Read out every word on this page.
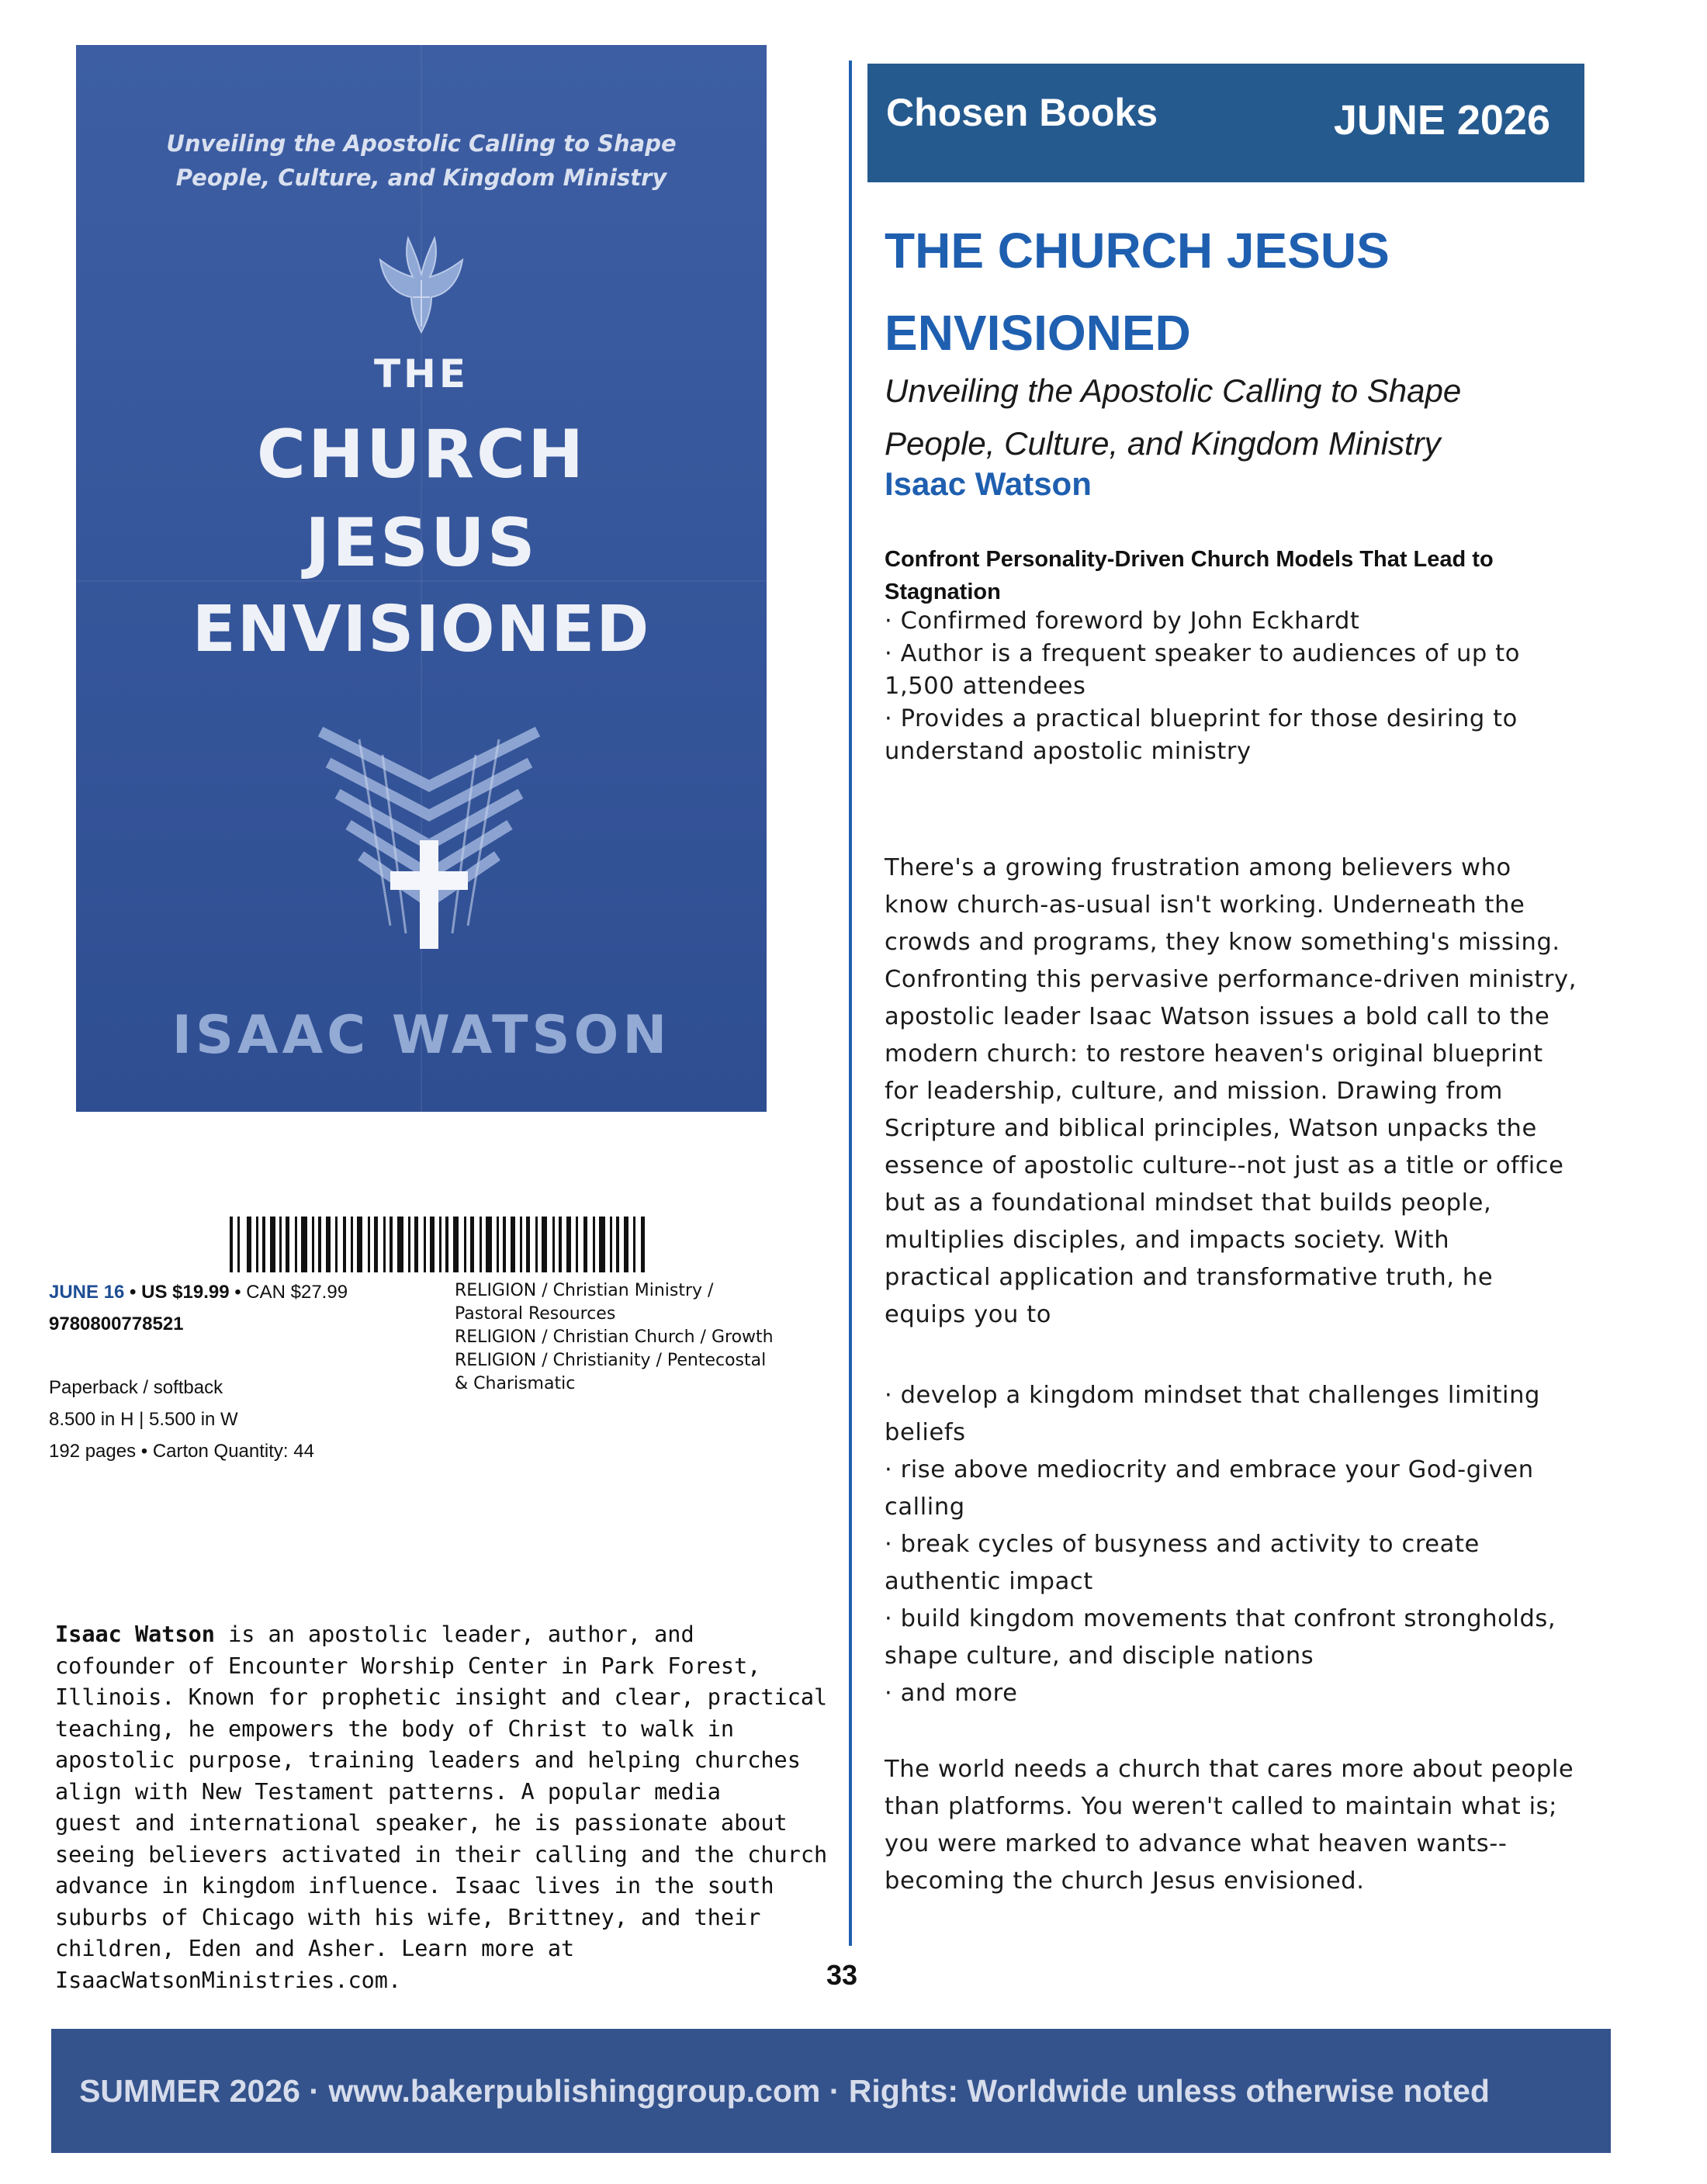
Unveiling the Apostolic Calling to Shape
People, Culture, and Kingdom Ministry
THE
CHURCH
JESUS
ENVISIONED
ISAAC WATSON
JUNE 16 • US $19.99 • CAN $27.99
9780800778521
Paperback / softback
8.500 in H | 5.500 in W
192 pages • Carton Quantity: 44
RELIGION / Christian Ministry /
Pastoral Resources
RELIGION / Christian Church / Growth
RELIGION / Christianity / Pentecostal
& Charismatic
Isaac Watson is an apostolic leader, author, and
cofounder of Encounter Worship Center in Park Forest,
Illinois. Known for prophetic insight and clear, practical
teaching, he empowers the body of Christ to walk in
apostolic purpose, training leaders and helping churches
align with New Testament patterns. A popular media
guest and international speaker, he is passionate about
seeing believers activated in their calling and the church
advance in kingdom influence. Isaac lives in the south
suburbs of Chicago with his wife, Brittney, and their
children, Eden and Asher. Learn more at
IsaacWatsonMinistries.com.	33
Chosen Books	JUNE 2026
THE CHURCH JESUS
ENVISIONED
Unveiling the Apostolic Calling to Shape
People, Culture, and Kingdom Ministry
Isaac Watson
Confront Personality-Driven Church Models That Lead to
Stagnation
· Confirmed foreword by John Eckhardt
· Author is a frequent speaker to audiences of up to
1,500 attendees
· Provides a practical blueprint for those desiring to
understand apostolic ministry
There's a growing frustration among believers who
know church-as-usual isn't working. Underneath the
crowds and programs, they know something's missing.
Confronting this pervasive performance-driven ministry,
apostolic leader Isaac Watson issues a bold call to the
modern church: to restore heaven's original blueprint
for leadership, culture, and mission. Drawing from
Scripture and biblical principles, Watson unpacks the
essence of apostolic culture--not just as a title or office
but as a foundational mindset that builds people,
multiplies disciples, and impacts society. With
practical application and transformative truth, he
equips you to
· develop a kingdom mindset that challenges limiting
beliefs
· rise above mediocrity and embrace your God-given
calling
· break cycles of busyness and activity to create
authentic impact
· build kingdom movements that confront strongholds,
shape culture, and disciple nations
· and more
The world needs a church that cares more about people
than platforms. You weren't called to maintain what is;
you were marked to advance what heaven wants--
becoming the church Jesus envisioned.
SUMMER 2026 · www.bakerpublishinggroup.com · Rights: Worldwide unless otherwise noted
